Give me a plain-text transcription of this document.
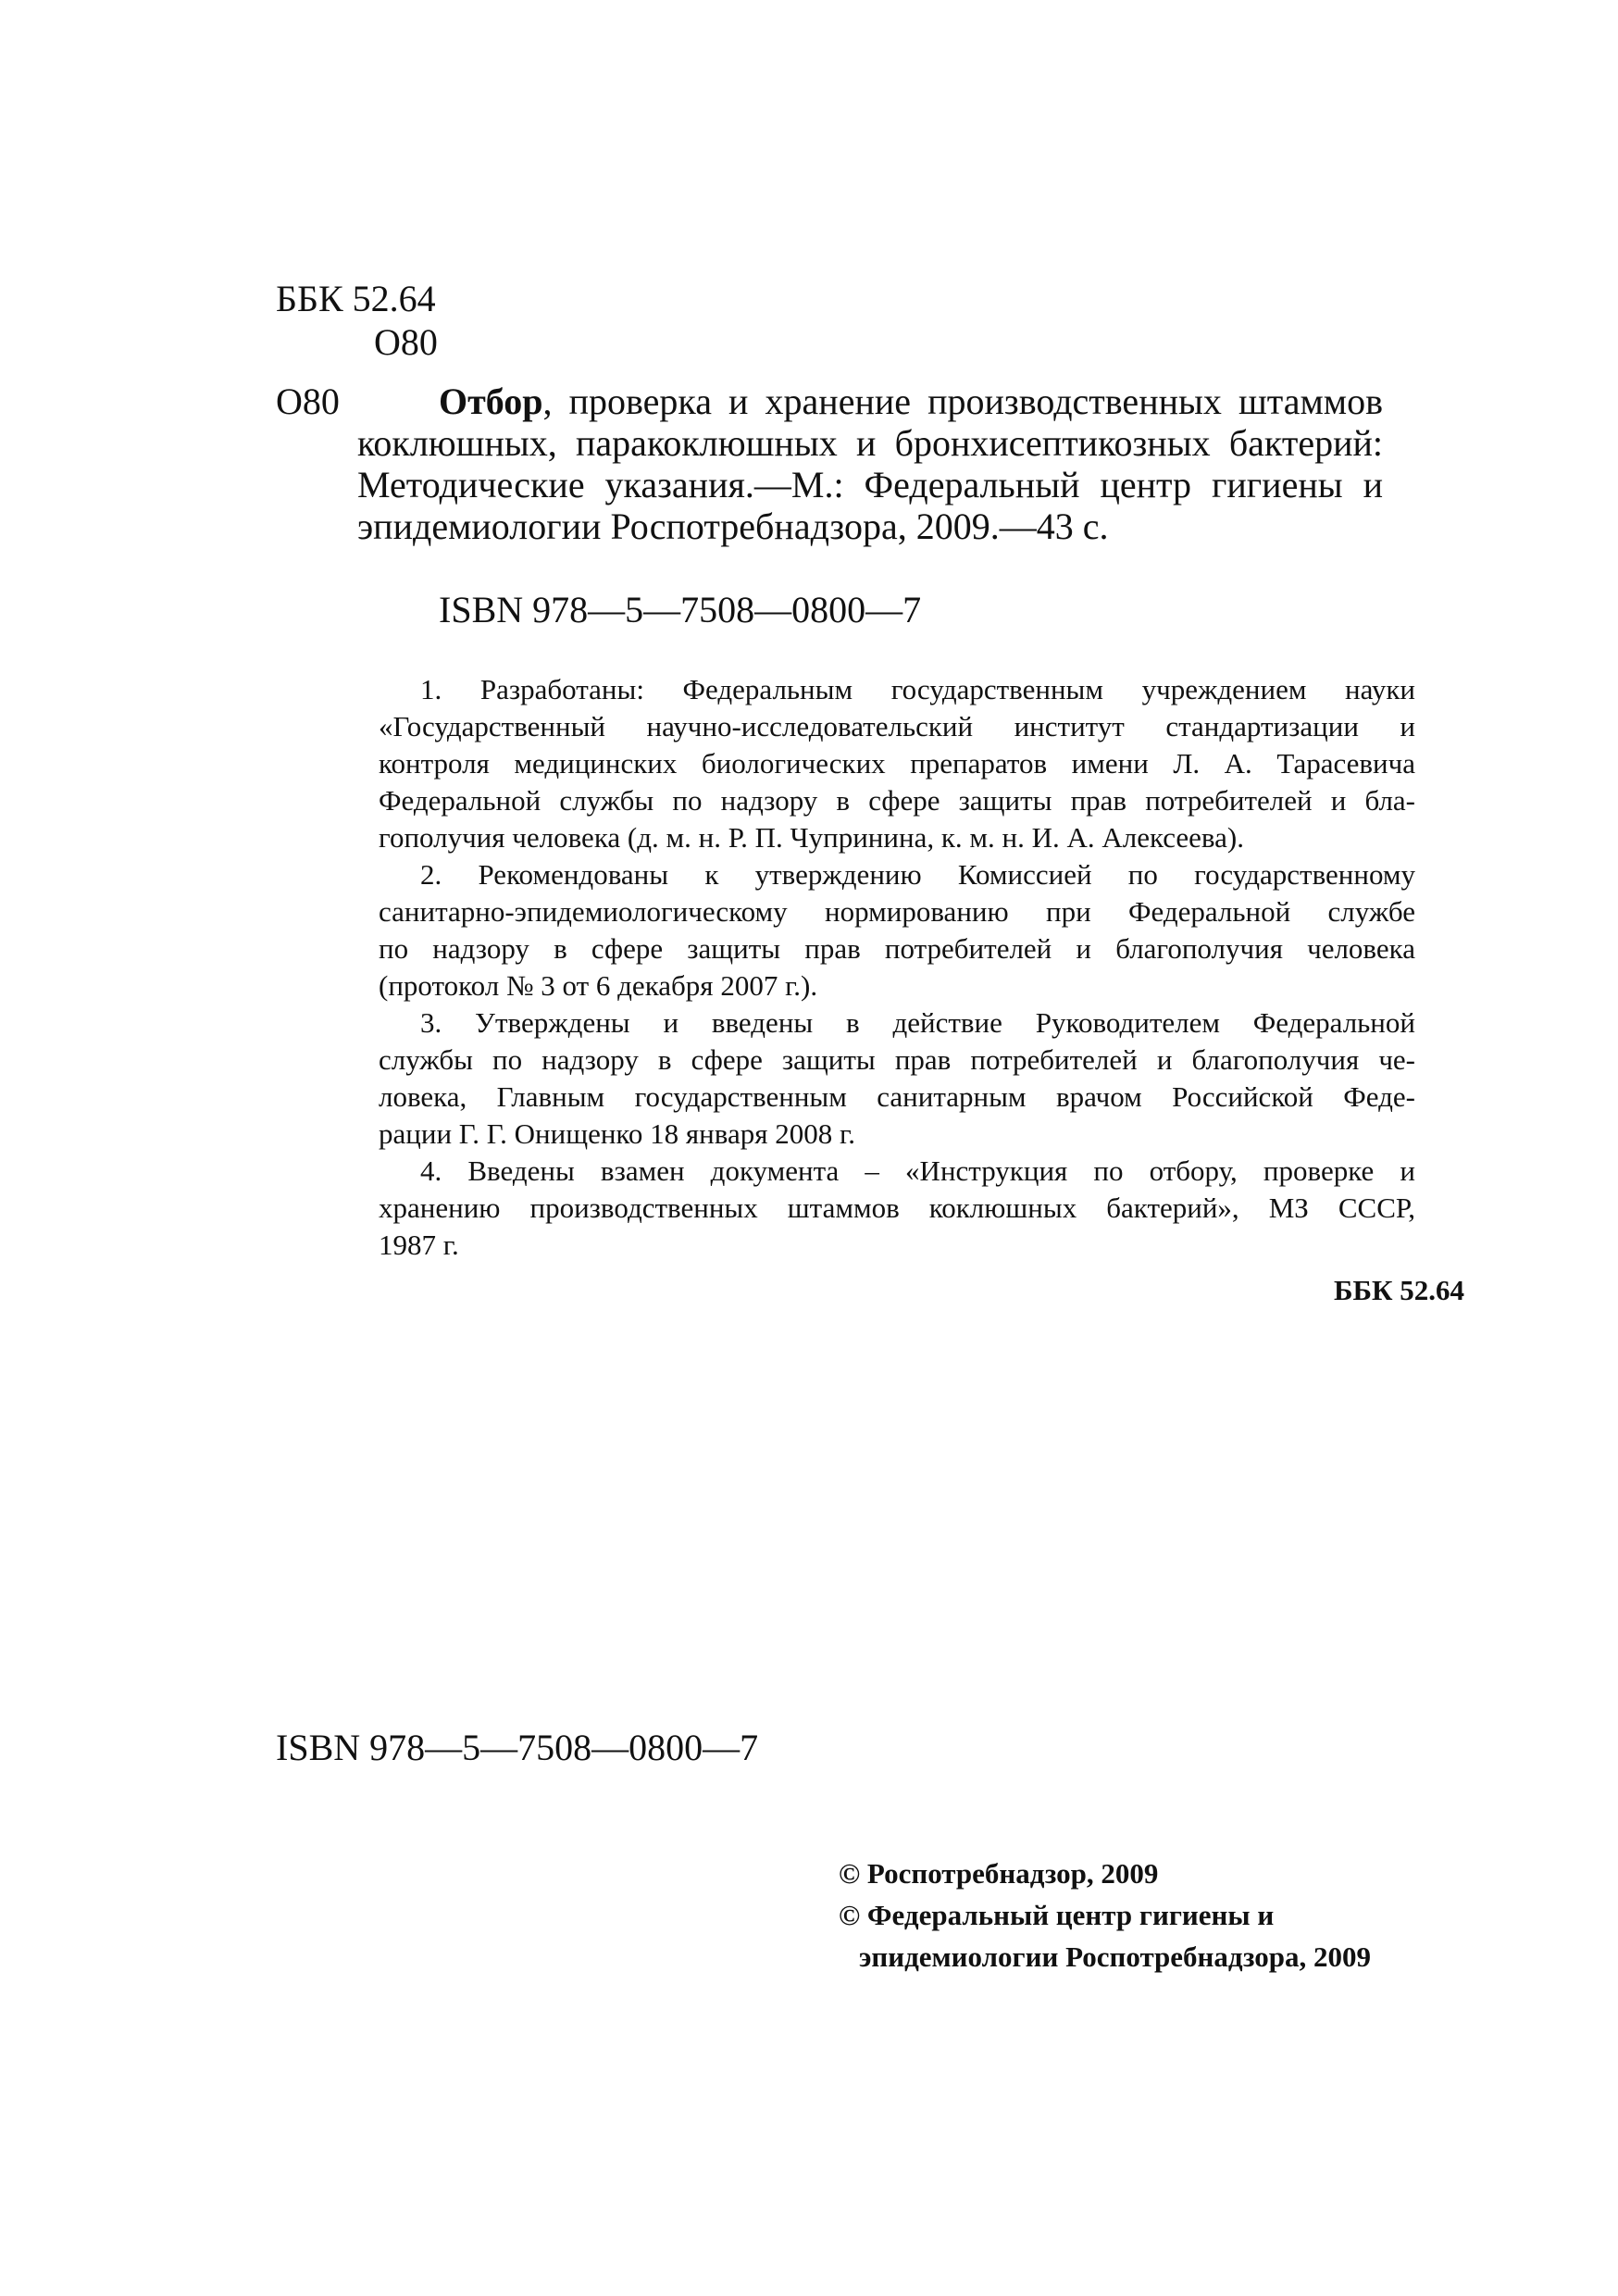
ББК 52.64
О80
О80	Отбор, проверка и хранение производственных штаммов
коклюшных, паракоклюшных и бронхисептикозных бактерий:
Методические указания.—М.: Федеральный центр гигиены и
эпидемиологии Роспотребнадзора, 2009.—43 с.
ISBN 978—5—7508—0800—7
1. Разработаны: Федеральным государственным учреждением науки
«Государственный научно-исследовательский институт стандартизации и
контроля медицинских биологических препаратов имени Л. А. Тарасевича
Федеральной службы по надзору в сфере защиты прав потребителей и бла-
гополучия человека (д. м. н. Р. П. Чупринина, к. м. н. И. А. Алексеева).
2. Рекомендованы к утверждению Комиссией по государственному
санитарно-эпидемиологическому нормированию при Федеральной службе
по надзору в сфере защиты прав потребителей и благополучия человека
(протокол № 3 от 6 декабря 2007 г.).
3. Утверждены и введены в действие Руководителем Федеральной
службы по надзору в сфере защиты прав потребителей и благополучия че-
ловека, Главным государственным санитарным врачом Российской Феде-
рации Г. Г. Онищенко 18 января 2008 г.
4. Введены взамен документа – «Инструкция по отбору, проверке и
хранению производственных штаммов коклюшных бактерий», МЗ СССР,
1987 г.
ББК 52.64
ISBN 978—5—7508—0800—7
© Роспотребнадзор, 2009
© Федеральный центр гигиены и
эпидемиологии Роспотребнадзора, 2009
